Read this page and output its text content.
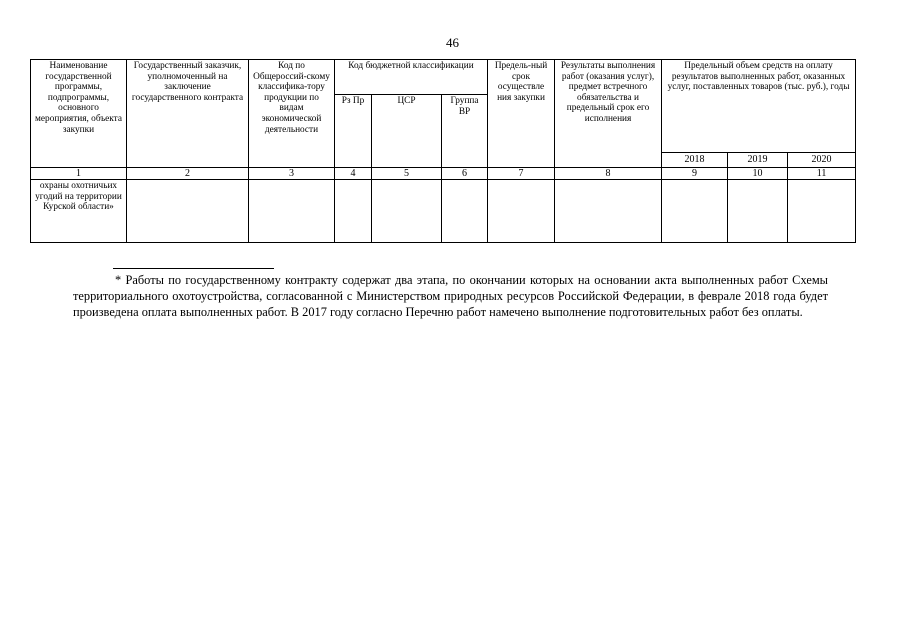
46
Наименование государственной программы, подпрограммы, основного мероприятия, объекта закупки	Государственный заказчик, уполномоченный на заключение государственного контракта	Код по Общероссий-скому классифика-тору продукции по видам экономической деятельности	Код бюджетной классификации			Предель-ный срок осуществле ния закупки	Результаты выполнения работ (оказания услуг), предмет встречного обязательства и предельный срок его исполнения	Предельный объем средств на оплату результатов выполненных работ, оказанных услуг, поставленных товаров (тыс. руб.), годы		
			Рз Пр	ЦСР	Группа ВР					
								2018	2019	2020
1	2	3	4	5	6	7	8	9	10	11
охраны охотничьих угодий на территории Курской области»										
* Работы по государственному контракту содержат два этапа, по окончании которых на основании акта выполненных работ Схемы территориального охотоустройства, согласованной с Министерством природных ресурсов Российской Федерации, в феврале 2018 года будет произведена оплата выполненных работ. В 2017 году согласно Перечню работ намечено выполнение подготовительных работ без оплаты.
